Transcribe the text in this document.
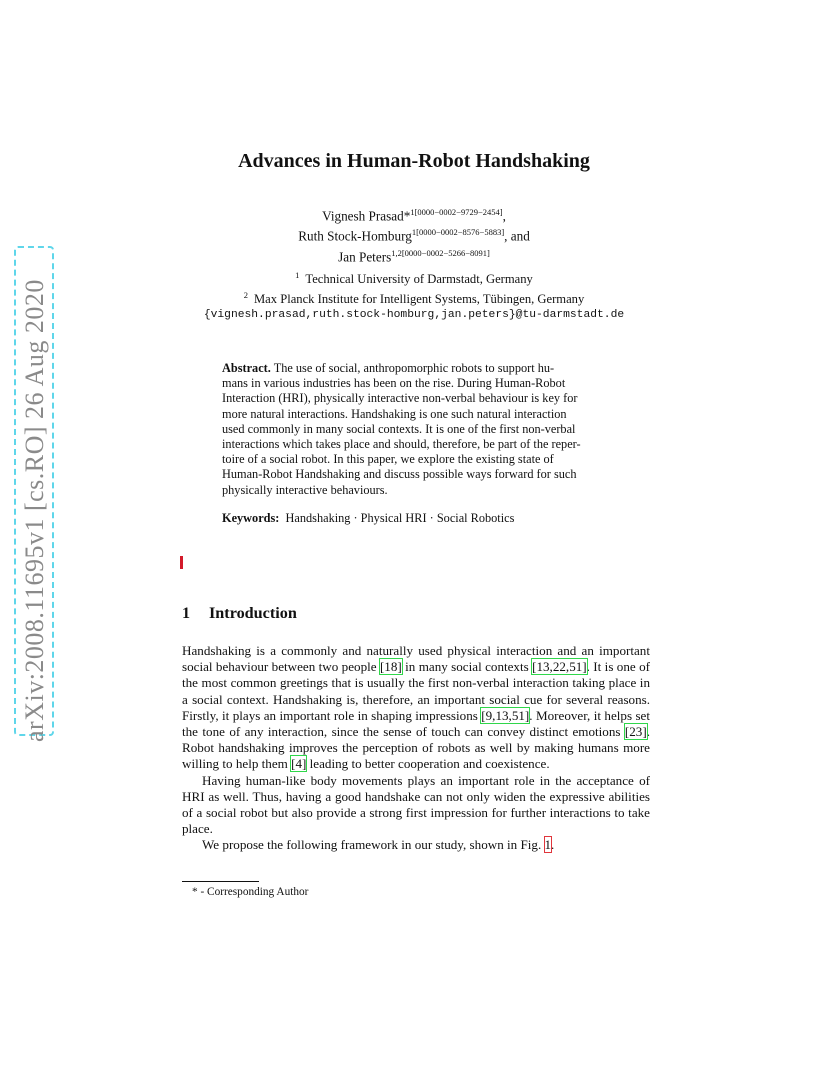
arXiv:2008.11695v1 [cs.RO] 26 Aug 2020
Advances in Human-Robot Handshaking
Vignesh Prasad*$^{1[0000-0002-9729-2454]}$,
Ruth Stock-Homburg$^{1[0000-0002-8576-5883]}$, and
Jan Peters$^{1,2[0000-0002-5266-8091]}$
$^1$ Technical University of Darmstadt, Germany
$^2$ Max Planck Institute for Intelligent Systems, Tübingen, Germany
{vignesh.prasad,ruth.stock-homburg,jan.peters}@tu-darmstadt.de
Abstract. The use of social, anthropomorphic robots to support hu-
mans in various industries has been on the rise. During Human-Robot
Interaction (HRI), physically interactive non-verbal behaviour is key for
more natural interactions. Handshaking is one such natural interaction
used commonly in many social contexts. It is one of the first non-verbal
interactions which takes place and should, therefore, be part of the reper-
toire of a social robot. In this paper, we explore the existing state of
Human-Robot Handshaking and discuss possible ways forward for such
physically interactive behaviours.
Keywords: Handshaking · Physical HRI · Social Robotics
1 Introduction

Handshaking is a commonly and naturally used physical interaction and an important social behaviour between two people [18] in many social contexts [13,22,51]. It is one of the most common greetings that is usually the first non-verbal interaction taking place in a social context. Handshaking is, therefore, an important social cue for several reasons. Firstly, it plays an important role in shaping impressions [9,13,51]. Moreover, it helps set the tone of any interaction, since the sense of touch can convey distinct emotions [23]. Robot handshaking improves the perception of robots as well by making humans more willing to help them [4] leading to better cooperation and coexistence.

Having human-like body movements plays an important role in the acceptance of HRI as well. Thus, having a good handshake can not only widen the expressive abilities of a social robot but also provide a strong first impression for further interactions to take place.

We propose the following framework in our study, shown in Fig. 1.

* - Corresponding Author
